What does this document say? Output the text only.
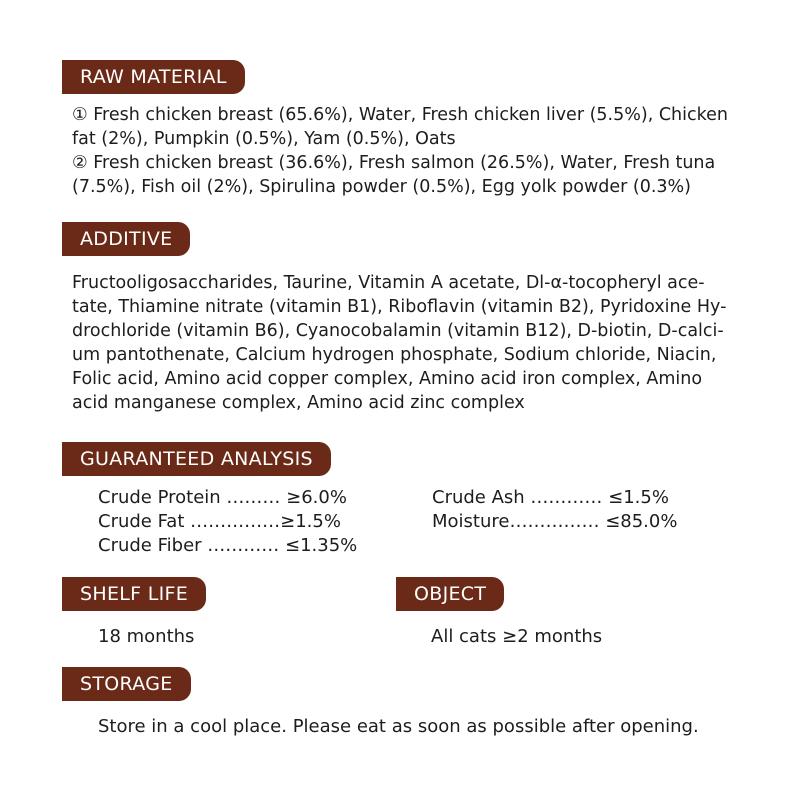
RAW MATERIAL
① Fresh chicken breast (65.6%), Water, Fresh chicken liver (5.5%), Chicken
fat (2%), Pumpkin (0.5%), Yam (0.5%), Oats
② Fresh chicken breast (36.6%), Fresh salmon (26.5%), Water, Fresh tuna
(7.5%), Fish oil (2%), Spirulina powder (0.5%), Egg yolk powder (0.3%)
ADDITIVE
Fructooligosaccharides, Taurine, Vitamin A acetate, Dl-α-tocopheryl ace-
tate, Thiamine nitrate (vitamin B1), Riboflavin (vitamin B2), Pyridoxine Hy-
drochloride (vitamin B6), Cyanocobalamin (vitamin B12), D-biotin, D-calci-
um pantothenate, Calcium hydrogen phosphate, Sodium chloride, Niacin,
Folic acid, Amino acid copper complex, Amino acid iron complex, Amino
acid manganese complex, Amino acid zinc complex
GUARANTEED ANALYSIS
Crude Protein ……… ≥6.0%
Crude Fat ……………≥1.5%
Crude Fiber ………… ≤1.35%
Crude Ash ………… ≤1.5%
Moisture…………… ≤85.0%
SHELF LIFE
18 months
OBJECT
All cats ≥2 months
STORAGE
Store in a cool place. Please eat as soon as possible after opening.
